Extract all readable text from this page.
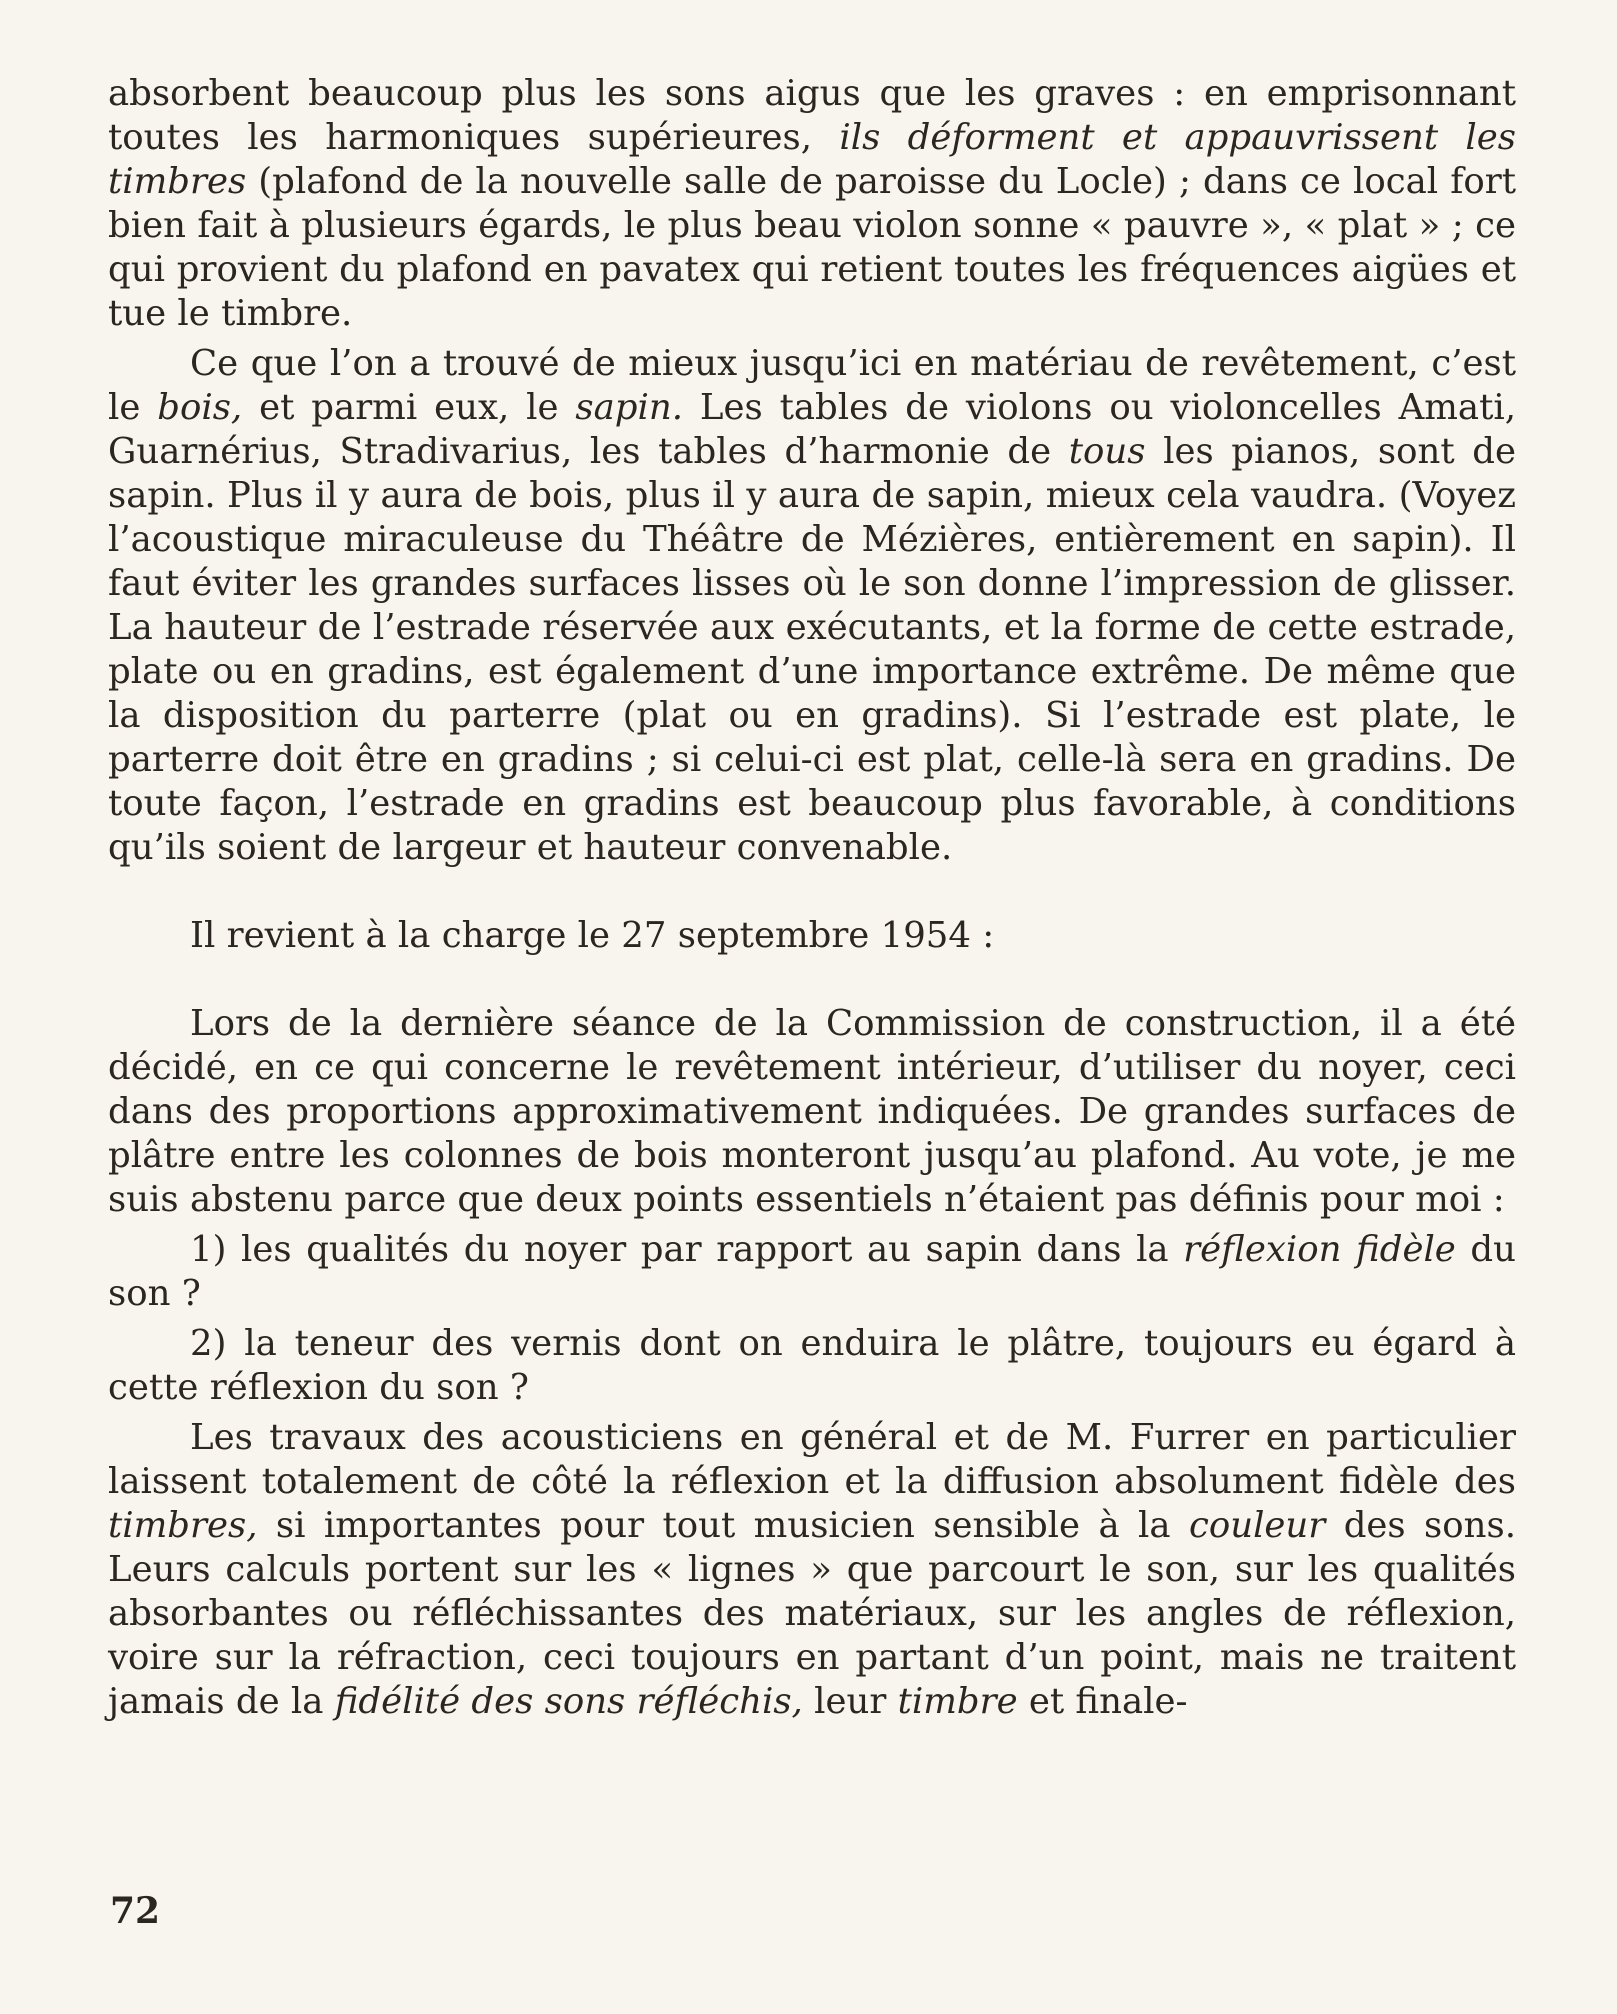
absorbent beaucoup plus les sons aigus que les graves : en emprisonnant toutes les harmoniques supérieures, ils déforment et appauvrissent les timbres (plafond de la nouvelle salle de paroisse du Locle) ; dans ce local fort bien fait à plusieurs égards, le plus beau violon sonne « pauvre », « plat » ; ce qui provient du plafond en pavatex qui retient toutes les fréquences aigües et tue le timbre.

Ce que l’on a trouvé de mieux jusqu’ici en matériau de revêtement, c’est le bois, et parmi eux, le sapin. Les tables de violons ou violoncelles Amati, Guarnérius, Stradivarius, les tables d’harmonie de tous les pianos, sont de sapin. Plus il y aura de bois, plus il y aura de sapin, mieux cela vaudra. (Voyez l’acoustique miraculeuse du Théâtre de Mézières, entièrement en sapin). Il faut éviter les grandes surfaces lisses où le son donne l’impression de glisser. La hauteur de l’estrade réservée aux exécutants, et la forme de cette estrade, plate ou en gradins, est également d’une importance extrême. De même que la disposition du parterre (plat ou en gradins). Si l’estrade est plate, le parterre doit être en gradins ; si celui-ci est plat, celle-là sera en gradins. De toute façon, l’estrade en gradins est beaucoup plus favorable, à conditions qu’ils soient de largeur et hauteur convenable.

Il revient à la charge le 27 septembre 1954 :

Lors de la dernière séance de la Commission de construction, il a été décidé, en ce qui concerne le revêtement intérieur, d’utiliser du noyer, ceci dans des proportions approximativement indiquées. De grandes surfaces de plâtre entre les colonnes de bois monteront jusqu’au plafond. Au vote, je me suis abstenu parce que deux points essentiels n’étaient pas définis pour moi :

1) les qualités du noyer par rapport au sapin dans la réflexion fidèle du son ?

2) la teneur des vernis dont on enduira le plâtre, toujours eu égard à cette réflexion du son ?

Les travaux des acousticiens en général et de M. Furrer en particulier laissent totalement de côté la réflexion et la diffusion absolument fidèle des timbres, si importantes pour tout musicien sensible à la couleur des sons. Leurs calculs portent sur les « lignes » que parcourt le son, sur les qualités absorbantes ou réfléchissantes des matériaux, sur les angles de réflexion, voire sur la réfraction, ceci toujours en partant d’un point, mais ne traitent jamais de la fidélité des sons réfléchis, leur timbre et finale-

72
